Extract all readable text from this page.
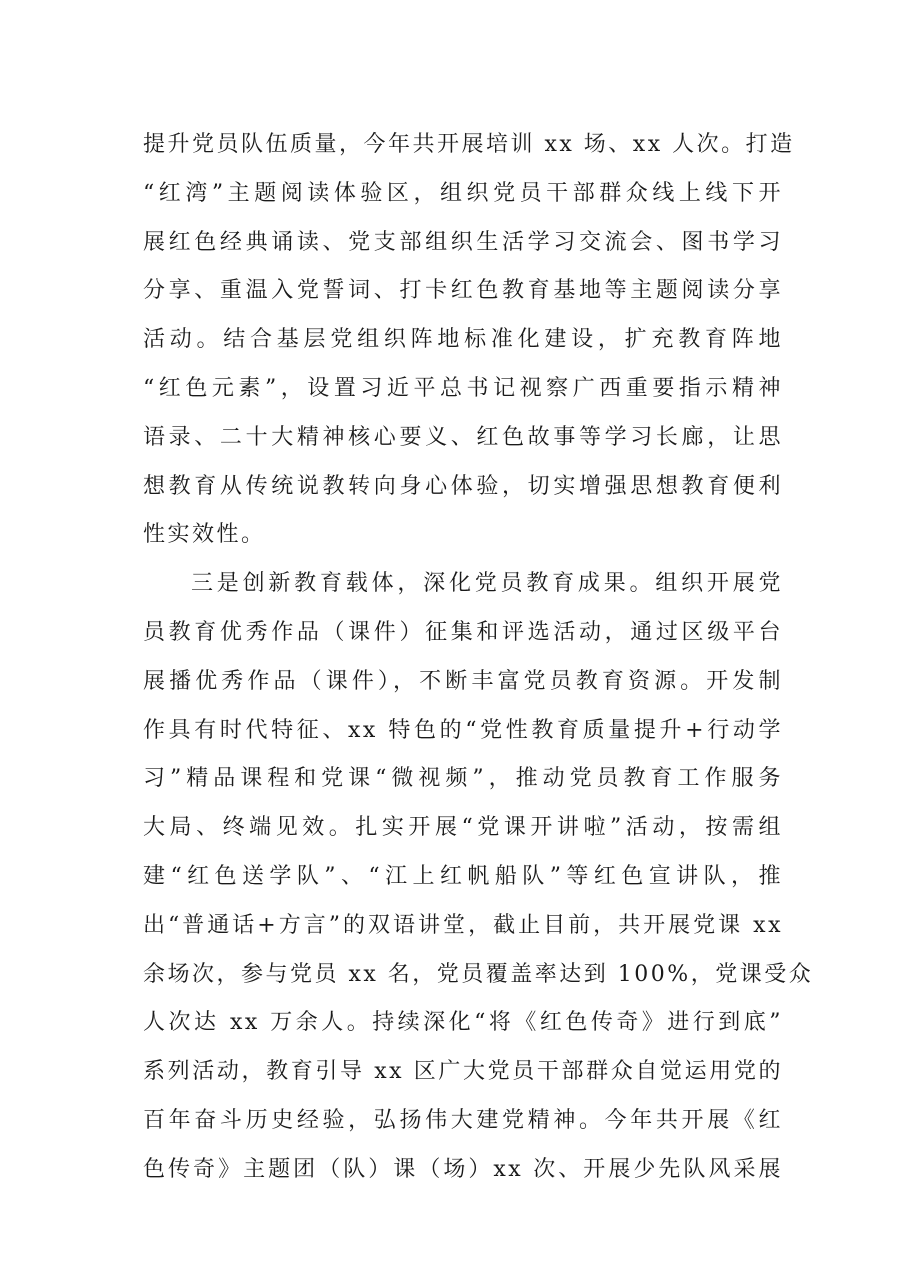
提升党员队伍质量，今年共开展培训 xx 场、xx 人次。打造
“红湾”主题阅读体验区，组织党员干部群众线上线下开
展红色经典诵读、党支部组织生活学习交流会、图书学习
分享、重温入党誓词、打卡红色教育基地等主题阅读分享
活动。结合基层党组织阵地标准化建设，扩充教育阵地
“红色元素”，设置习近平总书记视察广西重要指示精神
语录、二十大精神核心要义、红色故事等学习长廊，让思
想教育从传统说教转向身心体验，切实增强思想教育便利
性实效性。
三是创新教育载体，深化党员教育成果。组织开展党
员教育优秀作品（课件）征集和评选活动，通过区级平台
展播优秀作品（课件），不断丰富党员教育资源。开发制
作具有时代特征、xx 特色的“党性教育质量提升+行动学
习”精品课程和党课“微视频”，推动党员教育工作服务
大局、终端见效。扎实开展“党课开讲啦”活动，按需组
建“红色送学队”、“江上红帆船队”等红色宣讲队，推
出“普通话+方言”的双语讲堂，截止目前，共开展党课 xx
余场次，参与党员 xx 名，党员覆盖率达到 100%，党课受众
人次达 xx 万余人。持续深化“将《红色传奇》进行到底”
系列活动，教育引导 xx 区广大党员干部群众自觉运用党的
百年奋斗历史经验，弘扬伟大建党精神。今年共开展《红
色传奇》主题团（队）课（场）xx 次、开展少先队风采展
